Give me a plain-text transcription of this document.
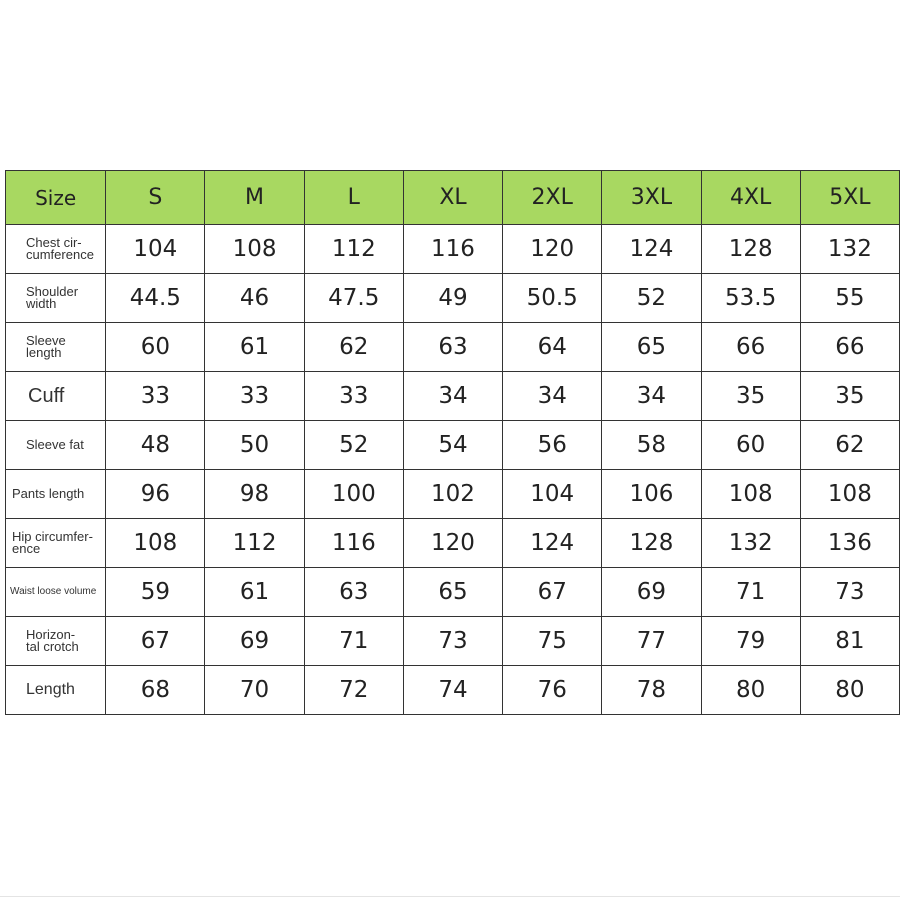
Size	S	M	L	XL	2XL	3XL	4XL	5XL
Chest cir-
cumference	104	108	112	116	120	124	128	132
Shoulder
width	44.5	46	47.5	49	50.5	52	53.5	55
Sleeve
length	60	61	62	63	64	65	66	66
Cuff	33	33	33	34	34	34	35	35
Sleeve fat	48	50	52	54	56	58	60	62
Pants length	96	98	100	102	104	106	108	108
Hip circumfer-
ence	108	112	116	120	124	128	132	136
Waist loose volume	59	61	63	65	67	69	71	73
Horizon-
tal crotch	67	69	71	73	75	77	79	81
Length	68	70	72	74	76	78	80	80
